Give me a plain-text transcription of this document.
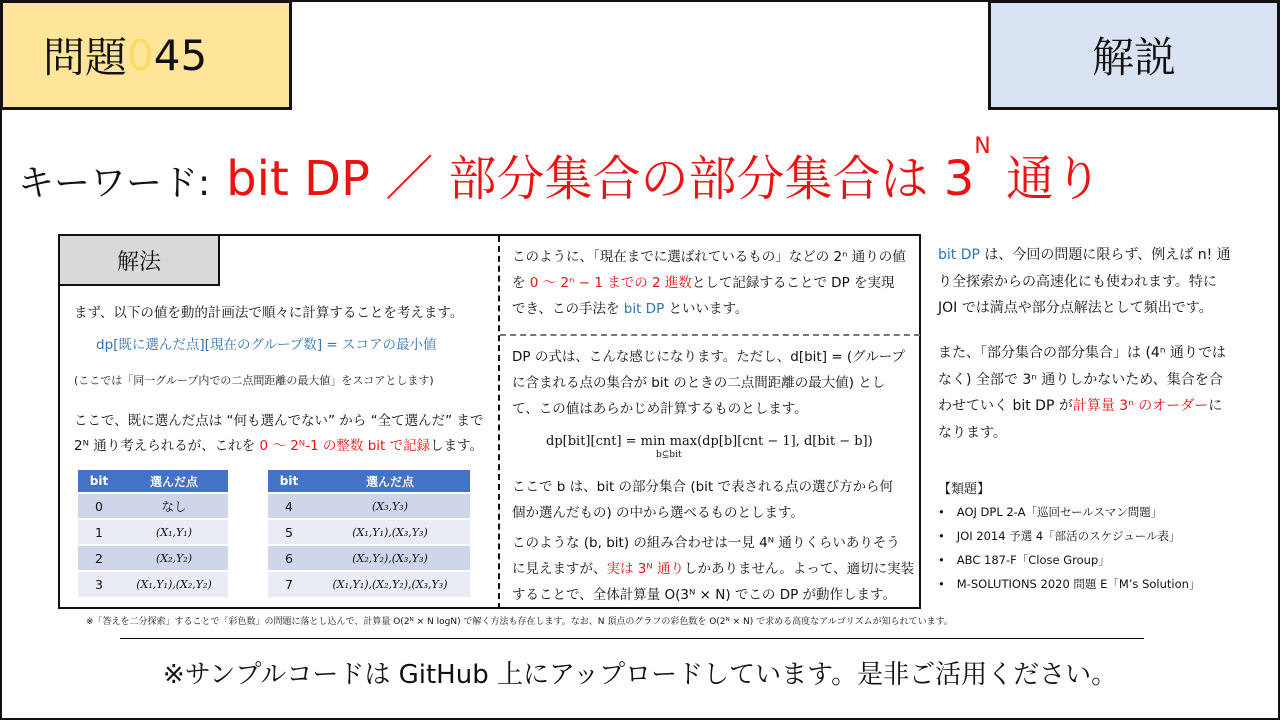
問題 0 45	解説
キーワード: bit DP ／ 部分集合の部分集合は $3^N$ 通り
解法
まず、以下の値を動的計画法で順々に計算することを考えます。
dp[既に選んだ点][現在のグループ数] = スコアの最小値
(ここでは「同一グループ内での二点間距離の最大値」をスコアとします)
ここで、既に選んだ点は “何も選んでない” から “全て選んだ” まで
2ᴺ 通り考えられるが、これを 0 〜 2ᴺ-1 の整数 bit で記録します。
bit	選んだ点
0	なし
1	(X₁,Y₁)
2	(X₂,Y₂)
3	(X₁,Y₁),(X₂,Y₂)
bit	選んだ点
4	(X₃,Y₃)
5	(X₁,Y₁),(X₃,Y₃)
6	(X₂,Y₂),(X₃,Y₃)
7	(X₁,Y₁),(X₂,Y₂),(X₃,Y₃)
このように、「現在までに選ばれているもの」などの 2ⁿ 通りの値
を 0 〜 2ⁿ − 1 までの 2 進数として記録することで DP を実現
でき、この手法を bit DP といいます。
DP の式は、こんな感じになります。ただし、d[bit] = (グループ
に含まれる点の集合が bit のときの二点間距離の最大値) とし
て、この値はあらかじめ計算するものとします。
dp[bit][cnt] = min max(dp[b][cnt − 1], d[bit − b])
b⊆bit
ここで b は、bit の部分集合 (bit で表される点の選び方から何
個か選んだもの) の中から選べるものとします。
このような (b, bit) の組み合わせは一見 4ᴺ 通りくらいありそう
に見えますが、実は 3ᴺ 通りしかありません。よって、適切に実装
することで、全体計算量 O(3ᴺ × N) でこの DP が動作します。
bit DP は、今回の問題に限らず、例えば n! 通
り全探索からの高速化にも使われます。特に
JOI では満点や部分点解法として頻出です。
また、「部分集合の部分集合」は (4ⁿ 通りでは
なく) 全部で 3ⁿ 通りしかないため、集合を合
わせていく bit DP が計算量 3ⁿ のオーダーに
なります。
【類題】
• AOJ DPL 2-A「巡回セールスマン問題」
• JOI 2014 予選 4「部活のスケジュール表」
• ABC 187-F「Close Group」
• M-SOLUTIONS 2020 問題 E「M’s Solution」
※「答えを二分探索」することで「彩色数」の問題に落とし込んで、計算量 O(2ᴺ × N logN) で解く方法も存在します。なお、N 頂点のグラフの彩色数を O(2ᴺ × N) で求める高度なアルゴリズムが知られています。
※サンプルコードは GitHub 上にアップロードしています。是非ご活用ください。
